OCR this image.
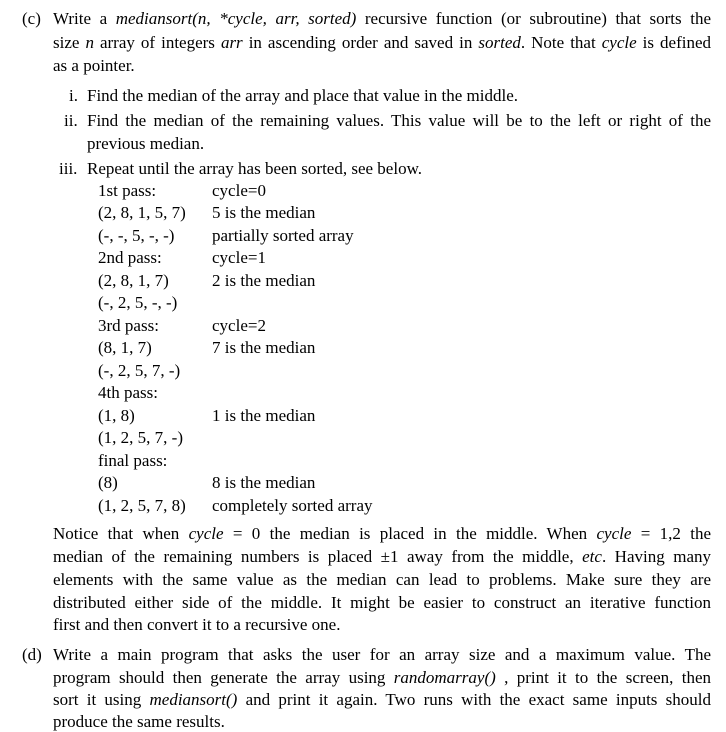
(c) Write a mediansort(n, *cycle, arr, sorted) recursive function (or subroutine) that sorts the
size n array of integers arr in ascending order and saved in sorted. Note that cycle is defined
as a pointer.
i. Find the median of the array and place that value in the middle.
ii. Find the median of the remaining values. This value will be to the left or right of the
previous median.
iii. Repeat until the array has been sorted, see below.
1st pass:	cycle=0
(2, 8, 1, 5, 7) 5 is the median
(-, -, 5, -, -) partially sorted array
2nd pass:	cycle=1
(2, 8, 1, 7)	2 is the median
(-, 2, 5, -, -)
3rd pass:	cycle=2
(8, 1, 7)	7 is the median
(-, 2, 5, 7, -)
4th pass:
(1, 8)	1 is the median
(1, 2, 5, 7, -)
final pass:
(8)	8 is the median
(1, 2, 5, 7, 8) completely sorted array
Notice that when cycle = 0 the median is placed in the middle. When cycle = 1,2 the
median of the remaining numbers is placed ±1 away from the middle, etc. Having many
elements with the same value as the median can lead to problems. Make sure they are
distributed either side of the middle. It might be easier to construct an iterative function
first and then convert it to a recursive one.
(d) Write a main program that asks the user for an array size and a maximum value. The
program should then generate the array using randomarray() , print it to the screen, then
sort it using mediansort() and print it again. Two runs with the exact same inputs should
produce the same results.
